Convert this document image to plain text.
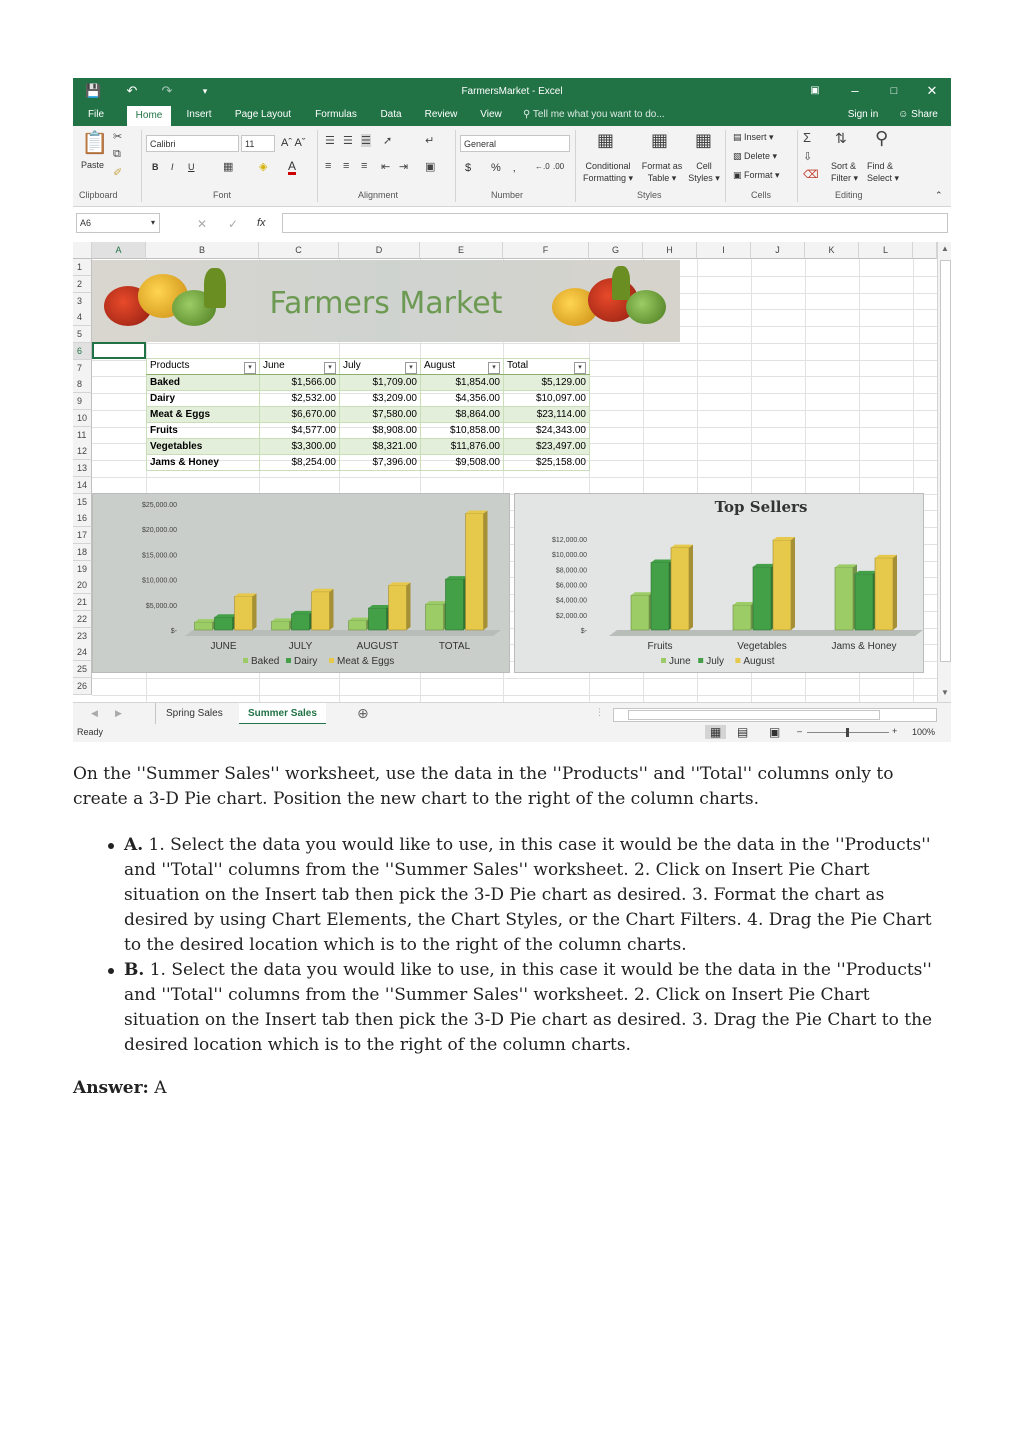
💾	↶	↷	▾	FarmersMarket - Excel	▣	–	□	✕
File	Home	Insert	Page Layout	Formulas	Data	Review	View	⚲ Tell me what you want to do...	Sign in	☺ Share
📋
Paste
✂
⧉
✐
Clipboard
Calibri	11	Aˆ Aˇ
B I U	▦ ◈ A
Font
☰ ☰ ☰ ➚
≡ ≡ ≡ ⇤ ⇥
↵
▣
Alignment
General
$ % ‚ ←.0 .00
Number
▦
Conditional
Formatting ▾
▦
Format as
Table ▾
▦
Cell
Styles ▾
Styles
▤ Insert ▾
▧ Delete ▾
▣ Format ▾
Cells
Σ
⇩
⌫
⇅
Sort &
Filter ▾
⚲
Find &
Select ▾
Editing	⌃
A6	▾	✕ ✓ fx
A	B	C	D	E	F	G	H	I	J	K	L
1
2
3
4
5
6
7
8
9
10
11
12
13
14
15
16
17
18
19
20
21
22
23
24
25
26
Farmers Market
Products ▾	June ▾	July ▾	August ▾	Total ▾

Baked	$1,566.00	$1,709.00	$1,854.00	$5,129.00
Dairy	$2,532.00	$3,209.00	$4,356.00	$10,097.00
Meat & Eggs	$6,670.00	$7,580.00	$8,864.00	$23,114.00
Fruits	$4,577.00	$8,908.00	$10,858.00	$24,343.00
Vegetables	$3,300.00	$8,321.00	$11,876.00	$23,497.00
Jams & Honey	$8,254.00	$7,396.00	$9,508.00	$25,158.00
$25,000.00
$20,000.00
$15,000.00
$10,000.00
$5,000.00
$-
JUNE	JULY	AUGUST	TOTAL
Baked Dairy Meat & Eggs
Top Sellers
$12,000.00
$10,000.00
$8,000.00
$6,000.00
$4,000.00
$2,000.00
$-
Fruits	Vegetables	Jams & Honey
June July August
▲
▼
◀ ▶	Spring Sales	Summer Sales	⊕	⋮
Ready	▦	▤ ▣ –	+ 100%
On the ''Summer Sales'' worksheet, use the data in the ''Products'' and ''Total'' columns only to create a 3-D Pie chart. Position the new chart to the right of the column charts.
A. 1. Select the data you would like to use, in this case it would be the data in the ''Products'' and ''Total'' columns from the ''Summer Sales'' worksheet. 2. Click on Insert Pie Chart situation on the Insert tab then pick the 3-D Pie chart as desired. 3. Format the chart as desired by using Chart Elements, the Chart Styles, or the Chart Filters. 4. Drag the Pie Chart to the desired location which is to the right of the column charts.
B. 1. Select the data you would like to use, in this case it would be the data in the ''Products'' and ''Total'' columns from the ''Summer Sales'' worksheet. 2. Click on Insert Pie Chart situation on the Insert tab then pick the 3-D Pie chart as desired. 3. Drag the Pie Chart to the desired location which is to the right of the column charts.
Answer: A
